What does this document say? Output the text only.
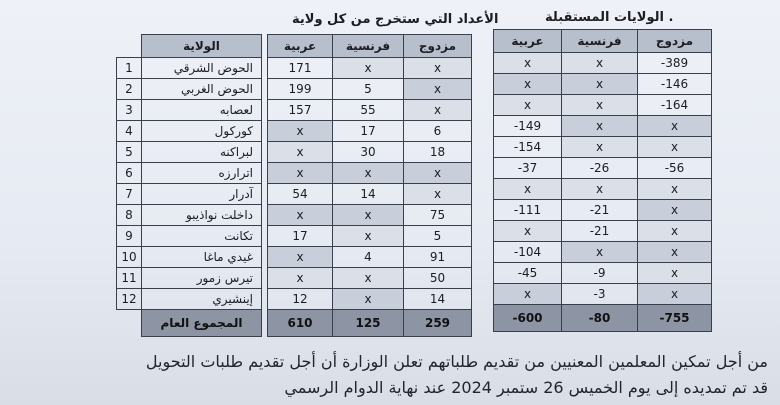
الأعداد التي ستخرج من كل ولاية	. الولايات المستقبلة
	الولاية		عربية	فرنسية	مزدوج
1	الحوض الشرقي		171	x	x
2	الحوض الغربي		199	5	x
3	لعصابه		157	55	x
4	كوركول		x	17	6
5	لبراكنه		x	30	18
6	اترارزه		x	x	x
7	آدرار		54	14	x
8	داخلت نواذيبو		x	x	75
9	تكانت		17	x	5
10	غيدي ماغا		x	4	91
11	تيرس زمور		x	x	50
12	إينشيري		12	x	14
	المجموع العام		610	125	259
عربية	فرنسية	مزدوج
x	x	-389
x	x	-146
x	x	-164
-149	x	x
-154	x	x
-37	-26	-56
x	x	x
-111	-21	x
x	-21	x
-104	x	x
-45	-9	x
x	-3	x
-600	-80	-755
من أجل تمكين المعلمين المعنيين من تقديم طلباتهم تعلن الوزارة أن أجل تقديم طلبات التحويل
قد تم تمديده إلى يوم الخميس 26 ستمبر 2024 عند نهاية الدوام الرسمي
